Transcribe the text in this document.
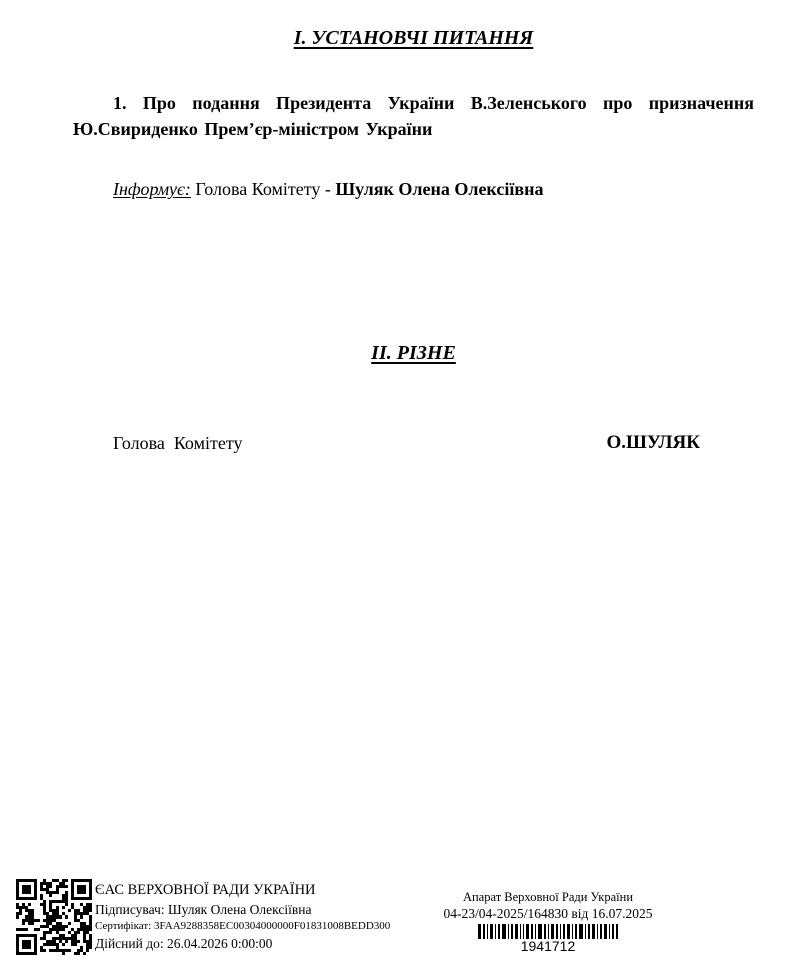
І. УСТАНОВЧІ ПИТАННЯ

1. Про подання Президента України В.Зеленського про призначення Ю.Свириденко Прем’єр-міністром України

Інформує: Голова Комітету - Шуляк Олена Олексіївна

ІІ. РІЗНЕ
Голова  Комітету	О.ШУЛЯК

ЄАС ВЕРХОВНОЇ РАДИ УКРАЇНИ

Підписувач: Шуляк Олена Олексіївна

Сертифікат: 3FAA9288358EC00304000000F01831008BEDD300

Дійсний до: 26.04.2026 0:00:00

Апарат Верховної Ради України

04-23/04-2025/164830 від 16.07.2025

1941712
